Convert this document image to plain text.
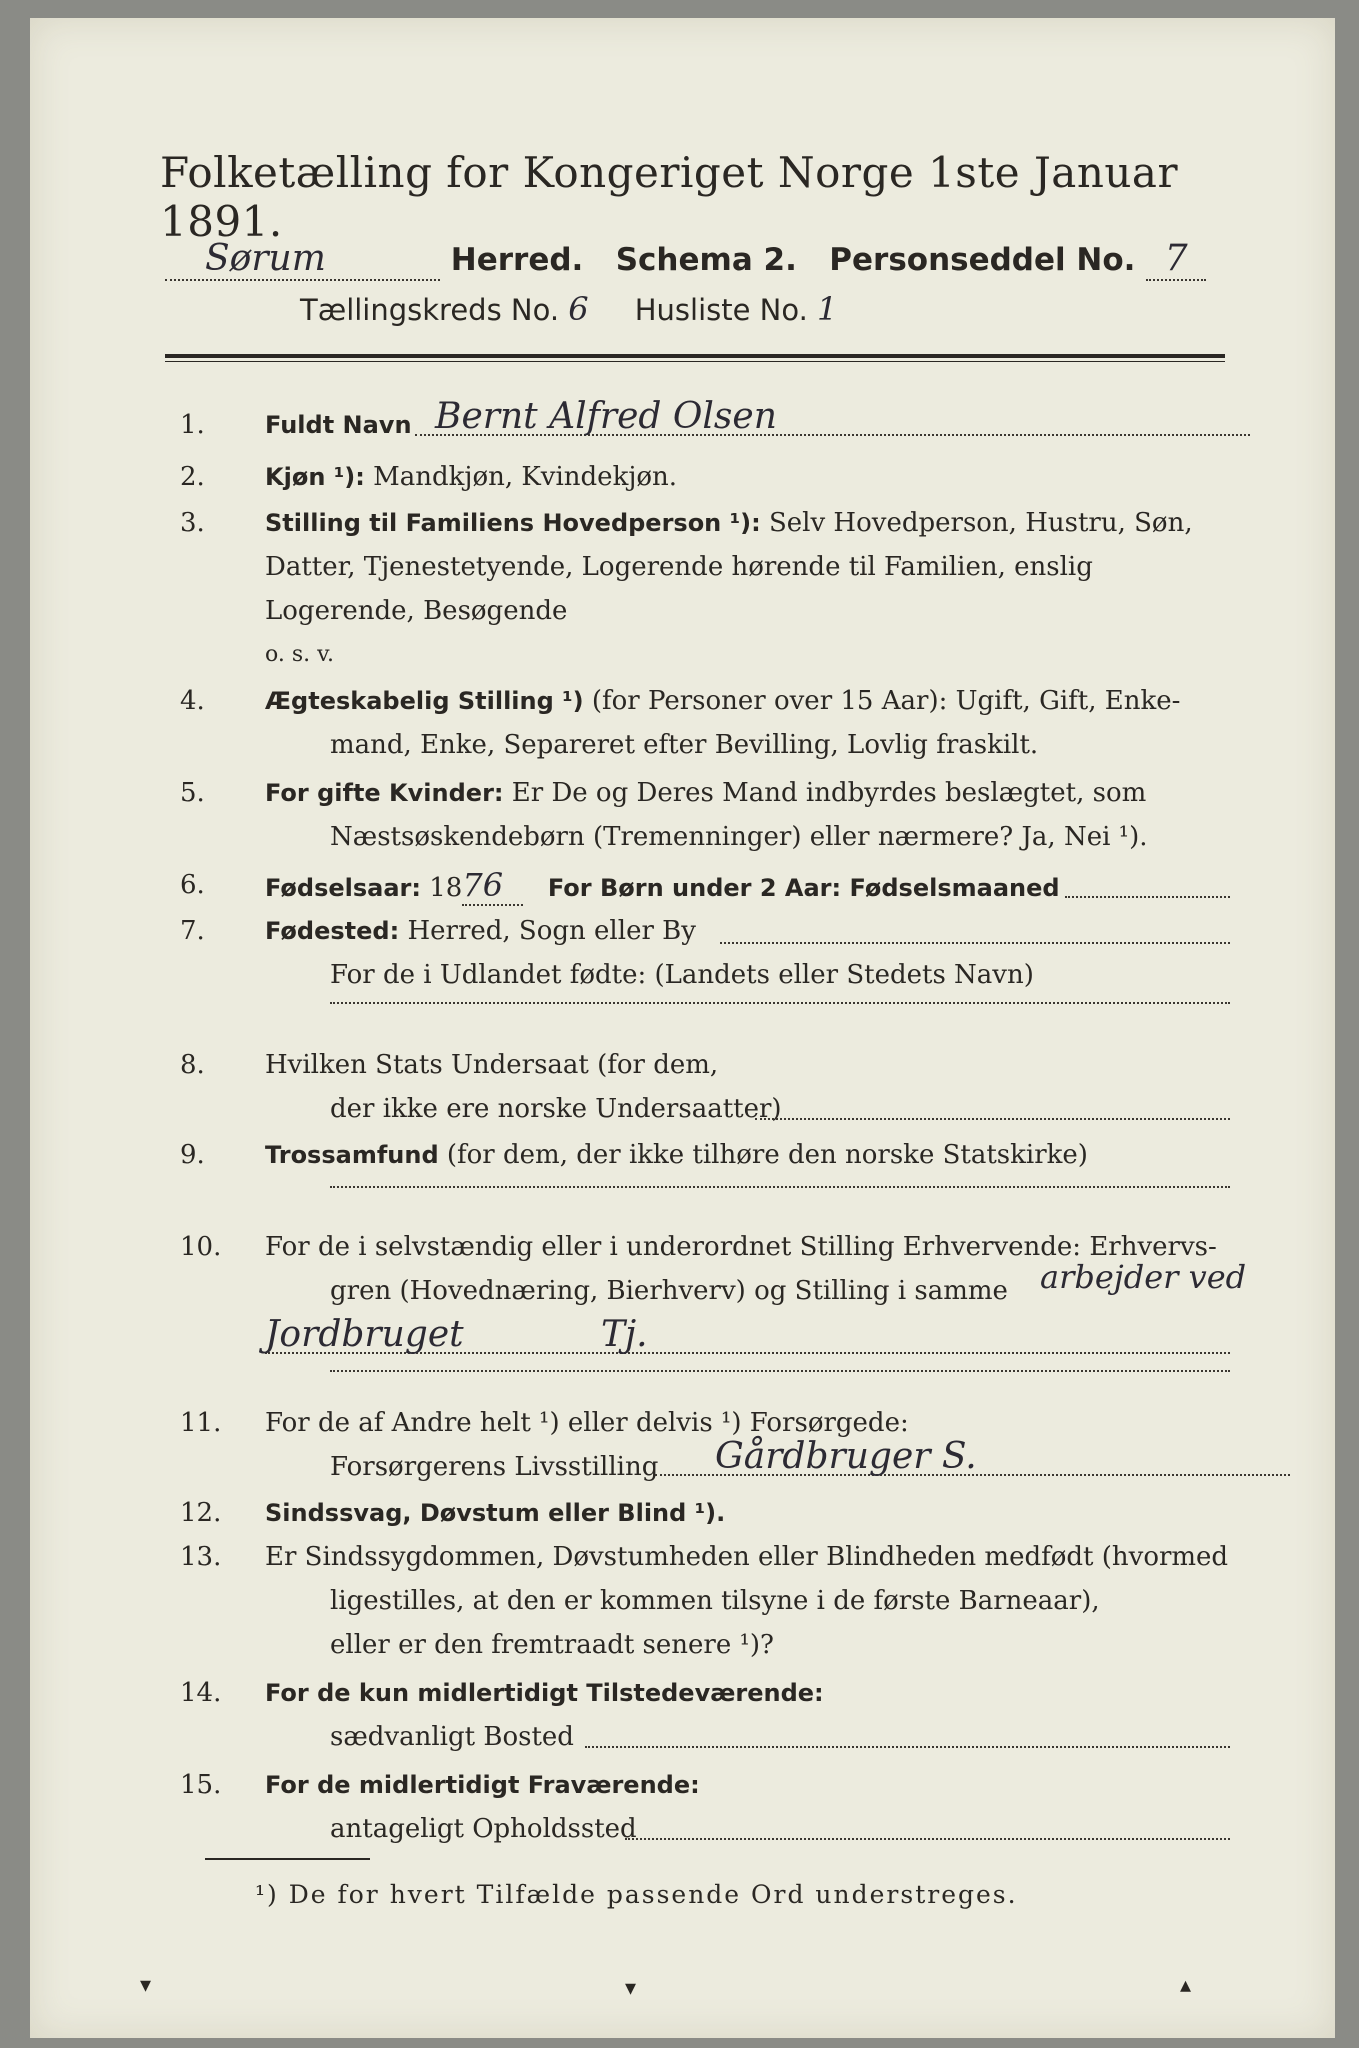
Folketælling for Kongeriget Norge 1ste Januar 1891.
Sørum	Herred. Schema 2. Personseddel No. 7
Tællingskreds No. 6 Husliste No. 1
1.	Fuldt Navn Bernt Alfred Olsen
2.	Kjøn ¹): Mandkjøn, Kvindekjøn.
3.	Stilling til Familiens Hovedperson ¹): Selv Hovedperson, Hustru, Søn,
Datter, Tjenestetyende, Logerende hørende til Familien, enslig
Logerende, Besøgende
o. s. v.
4.	Ægteskabelig Stilling ¹) (for Personer over 15 Aar): Ugift, Gift, Enke-
mand, Enke, Separeret efter Bevilling, Lovlig fraskilt.
5.	For gifte Kvinder: Er De og Deres Mand indbyrdes beslægtet, som
Næstsøskendebørn (Tremenninger) eller nærmere? Ja, Nei ¹).
6.	Fødselsaar: 1876 For Børn under 2 Aar: Fødselsmaaned
7.	Fødested: Herred, Sogn eller By
For de i Udlandet fødte: (Landets eller Stedets Navn)
8.	Hvilken Stats Undersaat (for dem,
der ikke ere norske Undersaatter)
9.	Trossamfund (for dem, der ikke tilhøre den norske Statskirke)
10.	For de i selvstændig eller i underordnet Stilling Erhvervende: Erhvervs-
gren (Hovednæring, Bierhverv) og Stilling i samme arbejder ved
Jordbruget	Tj.
11.	For de af Andre helt ¹) eller delvis ¹) Forsørgede:
Forsørgerens Livsstilling	Gårdbruger S.
12.	Sindssvag, Døvstum eller Blind ¹).
13.	Er Sindssygdommen, Døvstumheden eller Blindheden medfødt (hvormed
ligestilles, at den er kommen tilsyne i de første Barneaar),
eller er den fremtraadt senere ¹)?
14.	For de kun midlertidigt Tilstedeværende:
sædvanligt Bosted
15.	For de midlertidigt Fraværende:
antageligt Opholdssted
¹) De for hvert Tilfælde passende Ord understreges.
▾	▾	▴
